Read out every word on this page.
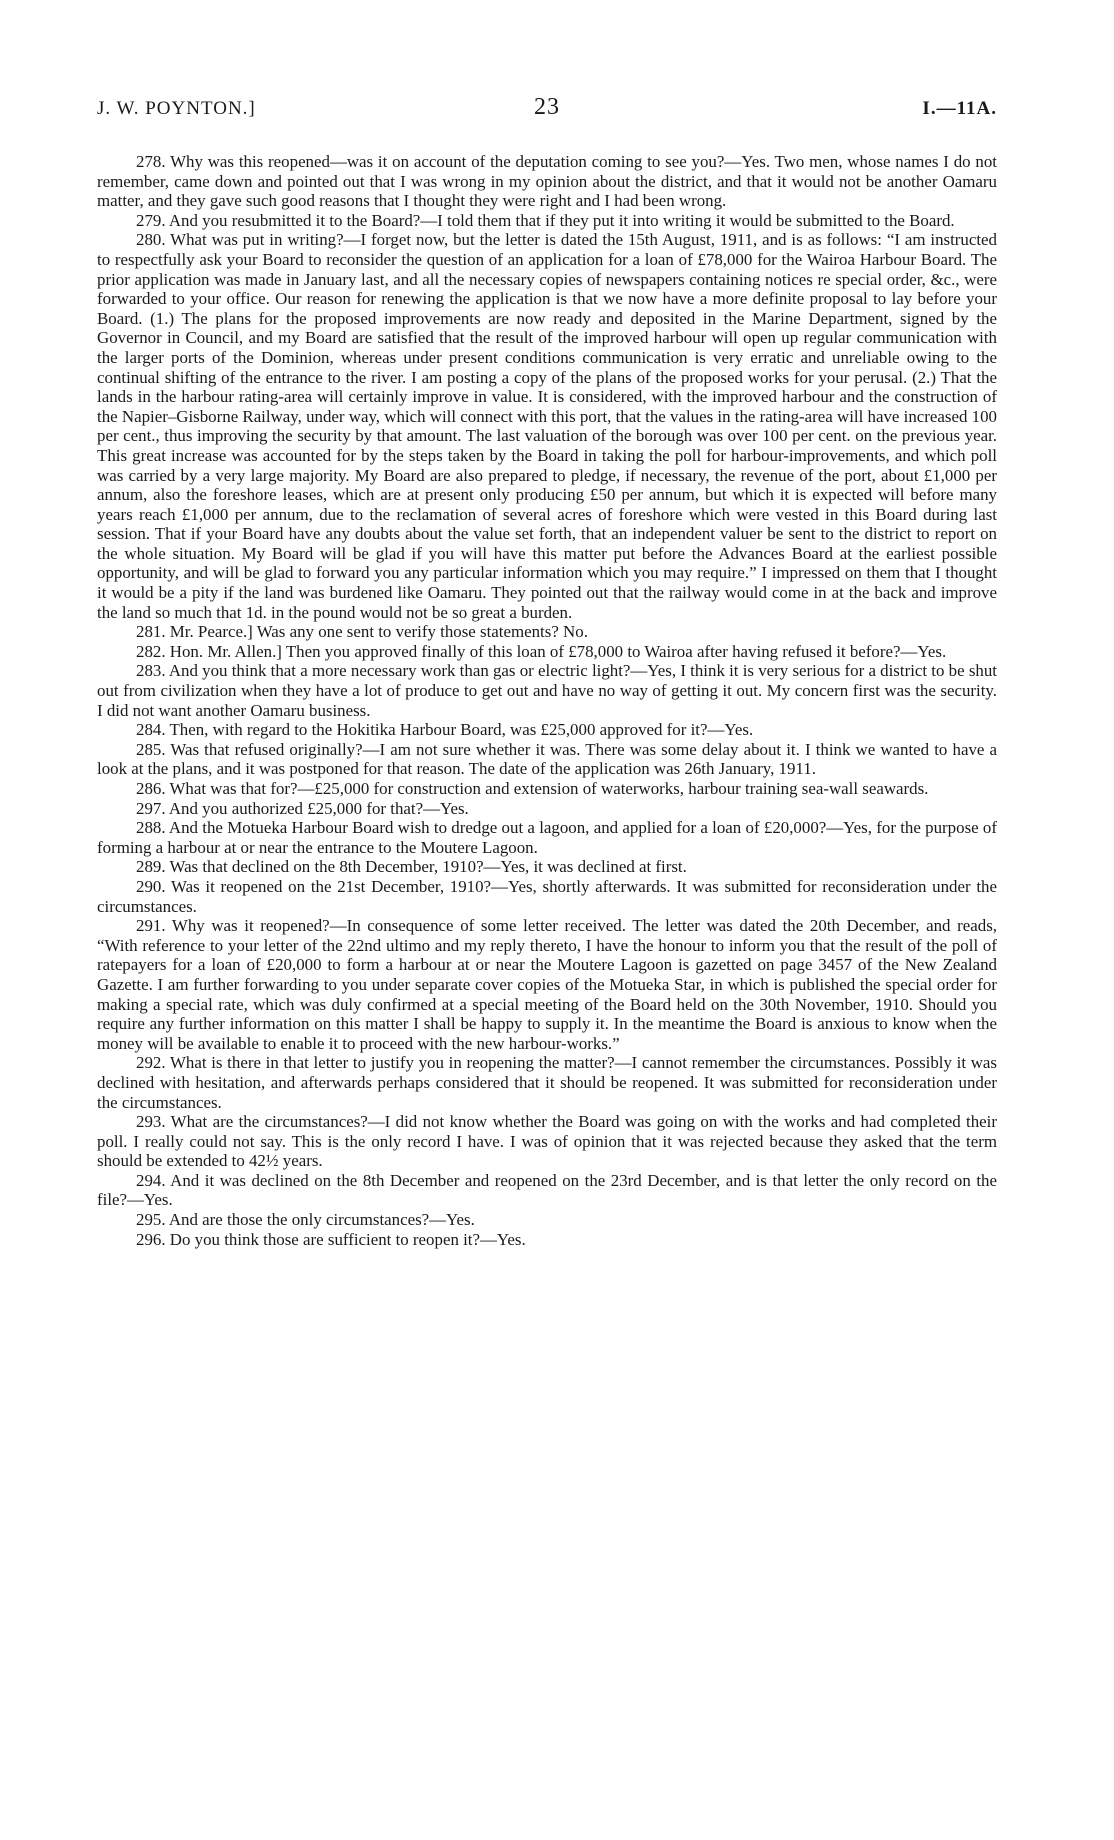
J. W. POYNTON.]	23	I.—11A.

278. Why was this reopened—was it on account of the deputation coming to see you?—Yes. Two men, whose names I do not remember, came down and pointed out that I was wrong in my opinion about the district, and that it would not be another Oamaru matter, and they gave such good reasons that I thought they were right and I had been wrong.

279. And you resubmitted it to the Board?—I told them that if they put it into writing it would be submitted to the Board.

280. What was put in writing?—I forget now, but the letter is dated the 15th August, 1911, and is as follows: “I am instructed to respectfully ask your Board to reconsider the question of an application for a loan of £78,000 for the Wairoa Harbour Board. The prior application was made in January last, and all the necessary copies of newspapers containing notices re special order, &c., were forwarded to your office. Our reason for renewing the application is that we now have a more definite proposal to lay before your Board. (1.) The plans for the proposed improvements are now ready and deposited in the Marine Department, signed by the Governor in Council, and my Board are satisfied that the result of the improved harbour will open up regular communication with the larger ports of the Dominion, whereas under present conditions communication is very erratic and unreliable owing to the continual shifting of the entrance to the river. I am posting a copy of the plans of the proposed works for your perusal. (2.) That the lands in the harbour rating-area will certainly improve in value. It is considered, with the improved harbour and the construction of the Napier–Gisborne Railway, under way, which will connect with this port, that the values in the rating-area will have increased 100 per cent., thus improving the security by that amount. The last valuation of the borough was over 100 per cent. on the previous year. This great increase was accounted for by the steps taken by the Board in taking the poll for harbour-improvements, and which poll was carried by a very large majority. My Board are also prepared to pledge, if necessary, the revenue of the port, about £1,000 per annum, also the foreshore leases, which are at present only producing £50 per annum, but which it is expected will before many years reach £1,000 per annum, due to the reclamation of several acres of foreshore which were vested in this Board during last session. That if your Board have any doubts about the value set forth, that an independent valuer be sent to the district to report on the whole situation. My Board will be glad if you will have this matter put before the Advances Board at the earliest possible opportunity, and will be glad to forward you any particular information which you may require.” I impressed on them that I thought it would be a pity if the land was burdened like Oamaru. They pointed out that the railway would come in at the back and improve the land so much that 1d. in the pound would not be so great a burden.

281. Mr. Pearce.] Was any one sent to verify those statements? No.

282. Hon. Mr. Allen.] Then you approved finally of this loan of £78,000 to Wairoa after having refused it before?—Yes.

283. And you think that a more necessary work than gas or electric light?—Yes, I think it is very serious for a district to be shut out from civilization when they have a lot of produce to get out and have no way of getting it out. My concern first was the security. I did not want another Oamaru business.

284. Then, with regard to the Hokitika Harbour Board, was £25,000 approved for it?—Yes.

285. Was that refused originally?—I am not sure whether it was. There was some delay about it. I think we wanted to have a look at the plans, and it was postponed for that reason. The date of the application was 26th January, 1911.

286. What was that for?—£25,000 for construction and extension of waterworks, harbour training sea-wall seawards.

297. And you authorized £25,000 for that?—Yes.

288. And the Motueka Harbour Board wish to dredge out a lagoon, and applied for a loan of £20,000?—Yes, for the purpose of forming a harbour at or near the entrance to the Moutere Lagoon.

289. Was that declined on the 8th December, 1910?—Yes, it was declined at first.

290. Was it reopened on the 21st December, 1910?—Yes, shortly afterwards. It was submitted for reconsideration under the circumstances.

291. Why was it reopened?—In consequence of some letter received. The letter was dated the 20th December, and reads, “With reference to your letter of the 22nd ultimo and my reply thereto, I have the honour to inform you that the result of the poll of ratepayers for a loan of £20,000 to form a harbour at or near the Moutere Lagoon is gazetted on page 3457 of the New Zealand Gazette. I am further forwarding to you under separate cover copies of the Motueka Star, in which is published the special order for making a special rate, which was duly confirmed at a special meeting of the Board held on the 30th November, 1910. Should you require any further information on this matter I shall be happy to supply it. In the meantime the Board is anxious to know when the money will be available to enable it to proceed with the new harbour-works.”

292. What is there in that letter to justify you in reopening the matter?—I cannot remember the circumstances. Possibly it was declined with hesitation, and afterwards perhaps considered that it should be reopened. It was submitted for reconsideration under the circumstances.

293. What are the circumstances?—I did not know whether the Board was going on with the works and had completed their poll. I really could not say. This is the only record I have. I was of opinion that it was rejected because they asked that the term should be extended to 42½ years.

294. And it was declined on the 8th December and reopened on the 23rd December, and is that letter the only record on the file?—Yes.

295. And are those the only circumstances?—Yes.

296. Do you think those are sufficient to reopen it?—Yes.
